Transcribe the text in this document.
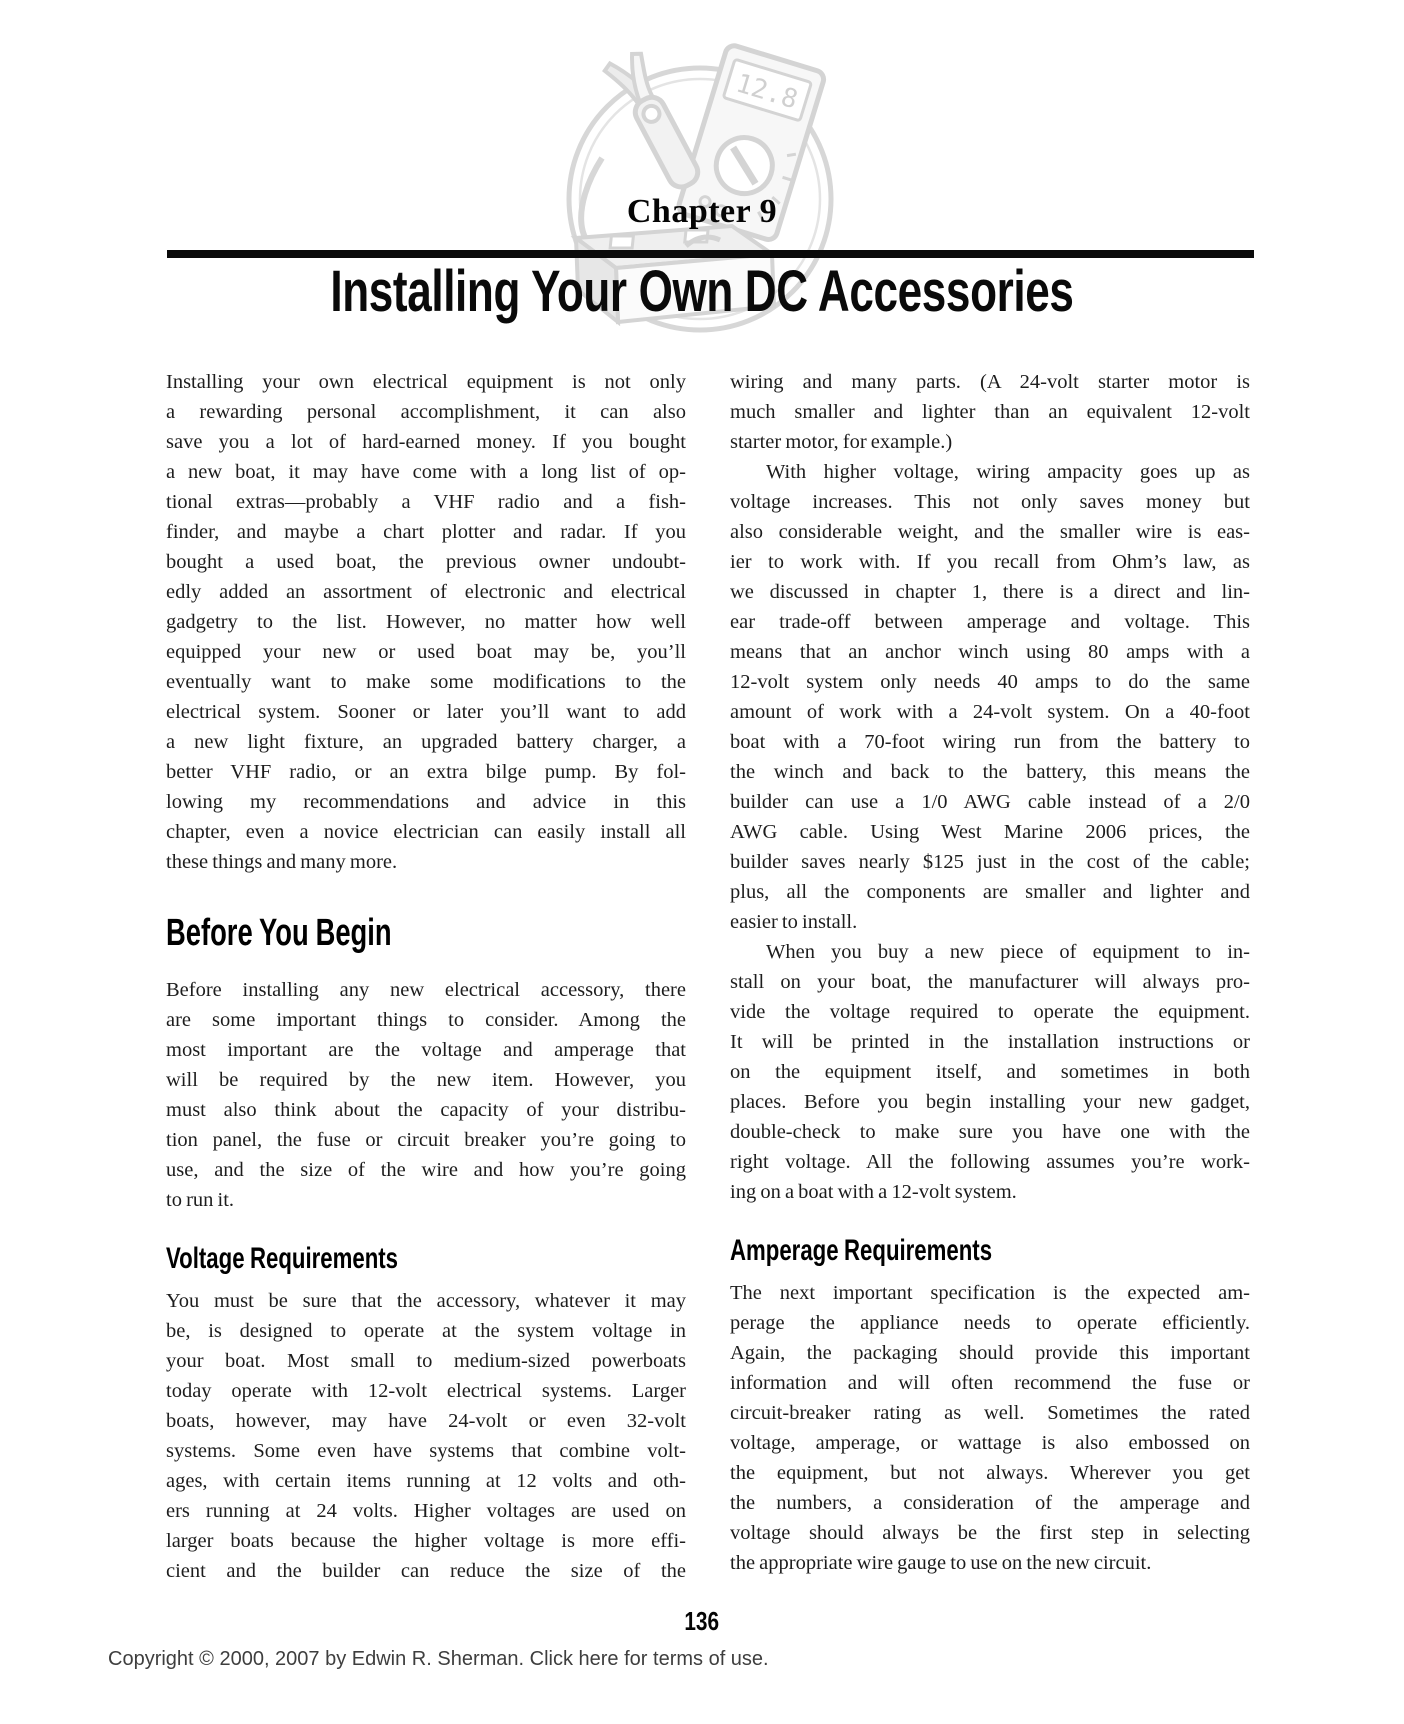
12.8
Chapter 9
Installing Your Own DC Accessories
Installing your own electrical equipment is not only
a rewarding personal accomplishment, it can also
save you a lot of hard-earned money. If you bought
a new boat, it may have come with a long list of op-
tional extras—probably a VHF radio and a fish-
finder, and maybe a chart plotter and radar. If you
bought a used boat, the previous owner undoubt-
edly added an assortment of electronic and electrical
gadgetry to the list. However, no matter how well
equipped your new or used boat may be, you’ll
eventually want to make some modifications to the
electrical system. Sooner or later you’ll want to add
a new light fixture, an upgraded battery charger, a
better VHF radio, or an extra bilge pump. By fol-
lowing my recommendations and advice in this
chapter, even a novice electrician can easily install all
these things and many more.
Before You Begin
Before installing any new electrical accessory, there
are some important things to consider. Among the
most important are the voltage and amperage that
will be required by the new item. However, you
must also think about the capacity of your distribu-
tion panel, the fuse or circuit breaker you’re going to
use, and the size of the wire and how you’re going
to run it.
Voltage Requirements
You must be sure that the accessory, whatever it may
be, is designed to operate at the system voltage in
your boat. Most small to medium-sized powerboats
today operate with 12-volt electrical systems. Larger
boats, however, may have 24-volt or even 32-volt
systems. Some even have systems that combine volt-
ages, with certain items running at 12 volts and oth-
ers running at 24 volts. Higher voltages are used on
larger boats because the higher voltage is more effi-
cient and the builder can reduce the size of the
wiring and many parts. (A 24-volt starter motor is
much smaller and lighter than an equivalent 12-volt
starter motor, for example.)
With higher voltage, wiring ampacity goes up as
voltage increases. This not only saves money but
also considerable weight, and the smaller wire is eas-
ier to work with. If you recall from Ohm’s law, as
we discussed in chapter 1, there is a direct and lin-
ear trade-off between amperage and voltage. This
means that an anchor winch using 80 amps with a
12-volt system only needs 40 amps to do the same
amount of work with a 24-volt system. On a 40-foot
boat with a 70-foot wiring run from the battery to
the winch and back to the battery, this means the
builder can use a 1/0 AWG cable instead of a 2/0
AWG cable. Using West Marine 2006 prices, the
builder saves nearly $125 just in the cost of the cable;
plus, all the components are smaller and lighter and
easier to install.
When you buy a new piece of equipment to in-
stall on your boat, the manufacturer will always pro-
vide the voltage required to operate the equipment.
It will be printed in the installation instructions or
on the equipment itself, and sometimes in both
places. Before you begin installing your new gadget,
double-check to make sure you have one with the
right voltage. All the following assumes you’re work-
ing on a boat with a 12-volt system.
Amperage Requirements
The next important specification is the expected am-
perage the appliance needs to operate efficiently.
Again, the packaging should provide this important
information and will often recommend the fuse or
circuit-breaker rating as well. Sometimes the rated
voltage, amperage, or wattage is also embossed on
the equipment, but not always. Wherever you get
the numbers, a consideration of the amperage and
voltage should always be the first step in selecting
the appropriate wire gauge to use on the new circuit.
136
Copyright © 2000, 2007 by Edwin R. Sherman. Click here for terms of use.
